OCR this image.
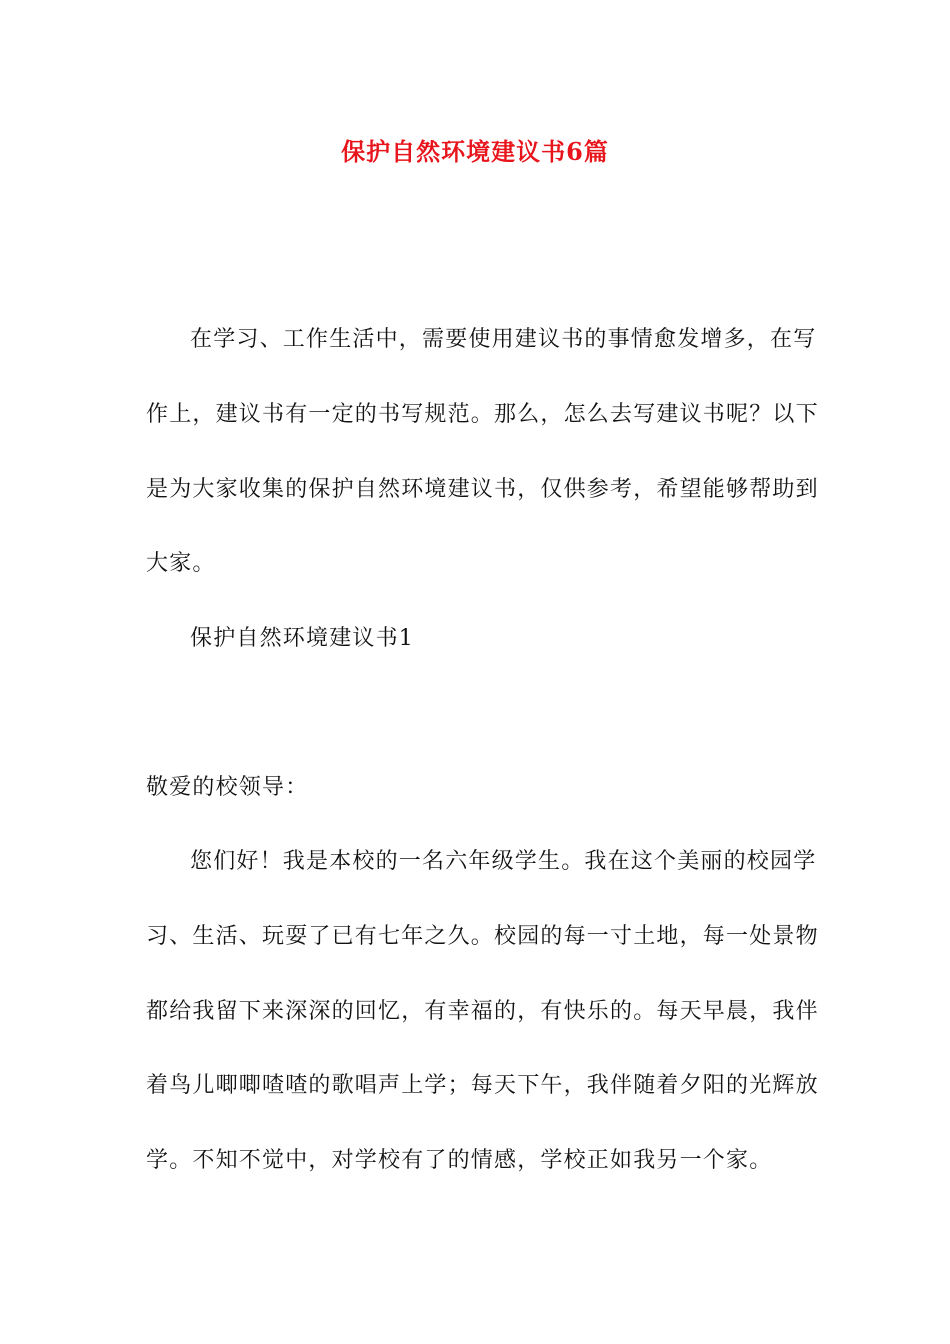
保护自然环境建议书6篇
在学习、工作生活中，需要使用建议书的事情愈发增多，在写
作上，建议书有一定的书写规范。那么，怎么去写建议书呢？以下
是为大家收集的保护自然环境建议书，仅供参考，希望能够帮助到
大家。
保护自然环境建议书1
敬爱的校领导：
您们好！我是本校的一名六年级学生。我在这个美丽的校园学
习、生活、玩耍了已有七年之久。校园的每一寸土地，每一处景物
都给我留下来深深的回忆，有幸福的，有快乐的。每天早晨，我伴
着鸟儿唧唧喳喳的歌唱声上学；每天下午，我伴随着夕阳的光辉放
学。不知不觉中，对学校有了的情感，学校正如我另一个家。
